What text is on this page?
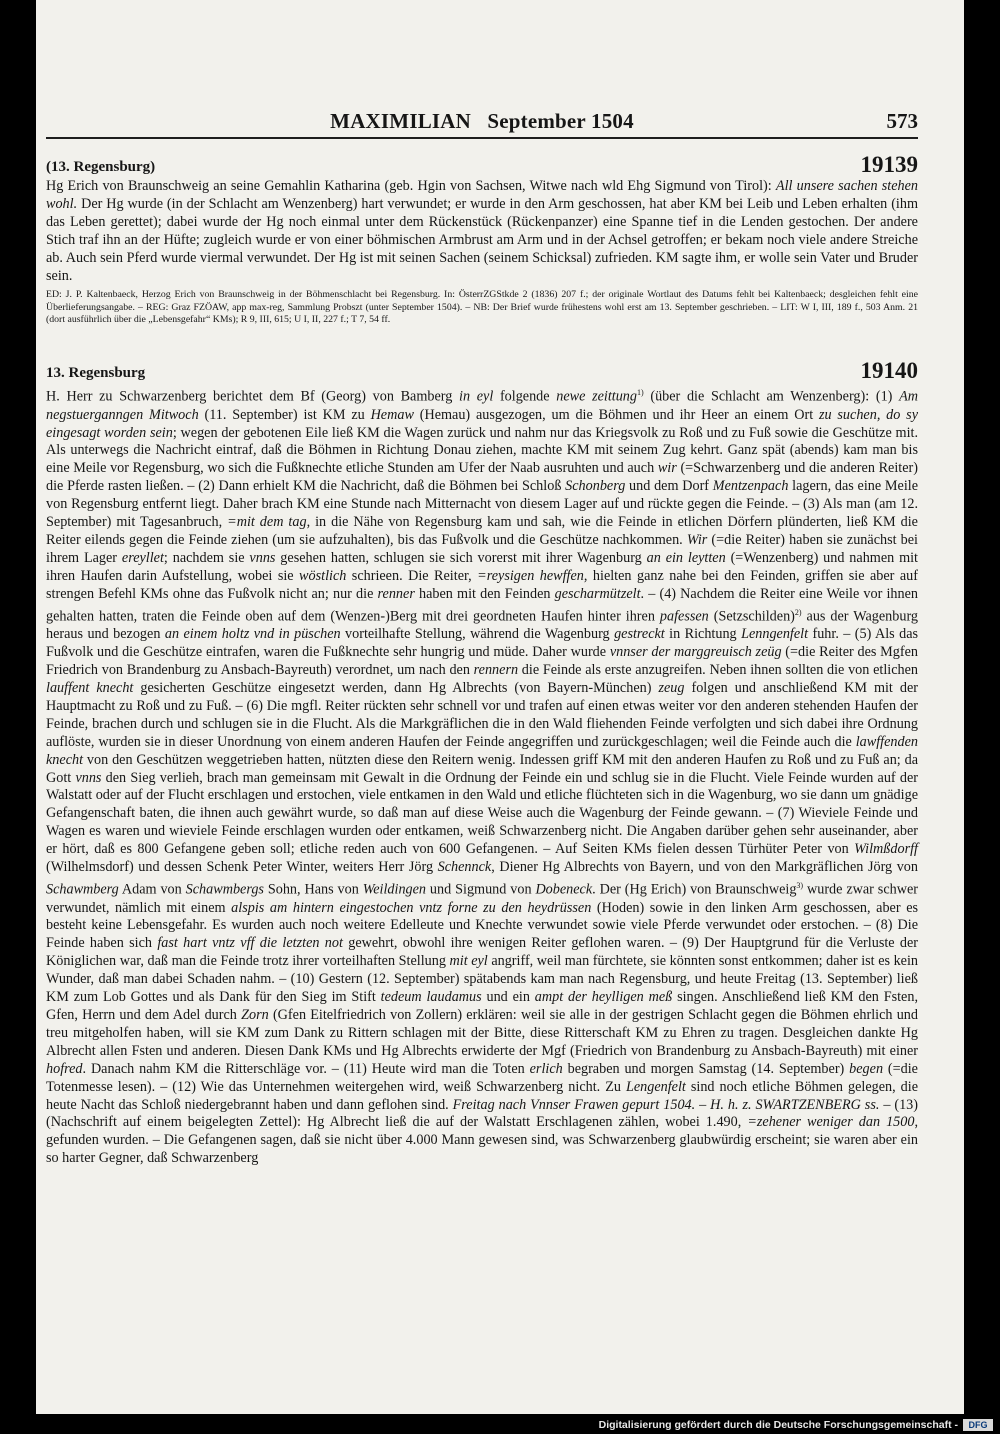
MAXIMILIAN   September 1504	573
(13. Regensburg)	19139

Hg Erich von Braunschweig an seine Gemahlin Katharina (geb. Hgin von Sachsen, Witwe nach wld Ehg Sigmund von Tirol): All unsere sachen stehen wohl. Der Hg wurde (in der Schlacht am Wenzenberg) hart verwundet; er wurde in den Arm geschossen, hat aber KM bei Leib und Leben erhalten (ihm das Leben gerettet); dabei wurde der Hg noch einmal unter dem Rückenstück (Rückenpanzer) eine Spanne tief in die Lenden gestochen. Der andere Stich traf ihn an der Hüfte; zugleich wurde er von einer böhmischen Armbrust am Arm und in der Achsel getroffen; er bekam noch viele andere Streiche ab. Auch sein Pferd wurde viermal verwundet. Der Hg ist mit seinen Sachen (seinem Schicksal) zufrieden. KM sagte ihm, er wolle sein Vater und Bruder sein.

ED: J. P. Kaltenbaeck, Herzog Erich von Braunschweig in der Böhmenschlacht bei Regensburg. In: ÖsterrZGStkde 2 (1836) 207 f.; der originale Wortlaut des Datums fehlt bei Kaltenbaeck; desgleichen fehlt eine Überlieferungsangabe. – REG: Graz FZÖAW, app max-reg, Sammlung Probszt (unter September 1504). – NB: Der Brief wurde frühestens wohl erst am 13. September geschrieben. – LIT: W I, III, 189 f., 503 Anm. 21 (dort ausführlich über die „Lebensgefahr“ KMs); R 9, III, 615; U I, II, 227 f.; T 7, 54 ff.

13. Regensburg	19140

H. Herr zu Schwarzenberg berichtet dem Bf (Georg) von Bamberg in eyl folgende newe zeittung$^{1)}$ (über die Schlacht am Wenzenberg): (1) Am negstuerganngen Mitwoch (11. September) ist KM zu Hemaw (Hemau) ausgezogen, um die Böhmen und ihr Heer an einem Ort zu suchen, do sy eingesagt worden sein; wegen der gebotenen Eile ließ KM die Wagen zurück und nahm nur das Kriegsvolk zu Roß und zu Fuß sowie die Geschütze mit. Als unterwegs die Nachricht eintraf, daß die Böhmen in Richtung Donau ziehen, machte KM mit seinem Zug kehrt. Ganz spät (abends) kam man bis eine Meile vor Regensburg, wo sich die Fußknechte etliche Stunden am Ufer der Naab ausruhten und auch wir (=Schwarzenberg und die anderen Reiter) die Pferde rasten ließen. – (2) Dann erhielt KM die Nachricht, daß die Böhmen bei Schloß Schonberg und dem Dorf Mentzenpach lagern, das eine Meile von Regensburg entfernt liegt. Daher brach KM eine Stunde nach Mitternacht von diesem Lager auf und rückte gegen die Feinde. – (3) Als man (am 12. September) mit Tagesanbruch, =mit dem tag, in die Nähe von Regensburg kam und sah, wie die Feinde in etlichen Dörfern plünderten, ließ KM die Reiter eilends gegen die Feinde ziehen (um sie aufzuhalten), bis das Fußvolk und die Geschütze nachkommen. Wir (=die Reiter) haben sie zunächst bei ihrem Lager ereyllet; nachdem sie vnns gesehen hatten, schlugen sie sich vorerst mit ihrer Wagenburg an ein leytten (=Wenzenberg) und nahmen mit ihren Haufen darin Aufstellung, wobei sie wöstlich schrieen. Die Reiter, =reysigen hewffen, hielten ganz nahe bei den Feinden, griffen sie aber auf strengen Befehl KMs ohne das Fußvolk nicht an; nur die renner haben mit den Feinden gescharmützelt. – (4) Nachdem die Reiter eine Weile vor ihnen gehalten hatten, traten die Feinde oben auf dem (Wenzen-)Berg mit drei geordneten Haufen hinter ihren pafessen (Setzschilden)$^{2)}$ aus der Wagenburg heraus und bezogen an einem holtz vnd in püschen vorteilhafte Stellung, während die Wagenburg gestreckt in Richtung Lenngenfelt fuhr. – (5) Als das Fußvolk und die Geschütze eintrafen, waren die Fußknechte sehr hungrig und müde. Daher wurde vnnser der marggreuisch zeüg (=die Reiter des Mgfen Friedrich von Brandenburg zu Ansbach-Bayreuth) verordnet, um nach den rennern die Feinde als erste anzugreifen. Neben ihnen sollten die von etlichen lauffent knecht gesicherten Geschütze eingesetzt werden, dann Hg Albrechts (von Bayern-München) zeug folgen und anschließend KM mit der Hauptmacht zu Roß und zu Fuß. – (6) Die mgfl. Reiter rückten sehr schnell vor und trafen auf einen etwas weiter vor den anderen stehenden Haufen der Feinde, brachen durch und schlugen sie in die Flucht. Als die Markgräflichen die in den Wald fliehenden Feinde verfolgten und sich dabei ihre Ordnung auflöste, wurden sie in dieser Unordnung von einem anderen Haufen der Feinde angegriffen und zurückgeschlagen; weil die Feinde auch die lawffenden knecht von den Geschützen weggetrieben hatten, nützten diese den Reitern wenig. Indessen griff KM mit den anderen Haufen zu Roß und zu Fuß an; da Gott vnns den Sieg verlieh, brach man gemeinsam mit Gewalt in die Ordnung der Feinde ein und schlug sie in die Flucht. Viele Feinde wurden auf der Walstatt oder auf der Flucht erschlagen und erstochen, viele entkamen in den Wald und etliche flüchteten sich in die Wagenburg, wo sie dann um gnädige Gefangenschaft baten, die ihnen auch gewährt wurde, so daß man auf diese Weise auch die Wagenburg der Feinde gewann. – (7) Wieviele Feinde und Wagen es waren und wieviele Feinde erschlagen wurden oder entkamen, weiß Schwarzenberg nicht. Die Angaben darüber gehen sehr auseinander, aber er hört, daß es 800 Gefangene geben soll; etliche reden auch von 600 Gefangenen. – Auf Seiten KMs fielen dessen Türhüter Peter von Wilmßdorff (Wilhelmsdorf) und dessen Schenk Peter Winter, weiters Herr Jörg Schennck, Diener Hg Albrechts von Bayern, und von den Markgräflichen Jörg von Schawmberg Adam von Schawmbergs Sohn, Hans von Weildingen und Sigmund von Dobeneck. Der (Hg Erich) von Braunschweig$^{3)}$ wurde zwar schwer verwundet, nämlich mit einem alspis am hintern eingestochen vntz forne zu den heydrüssen (Hoden) sowie in den linken Arm geschossen, aber es besteht keine Lebensgefahr. Es wurden auch noch weitere Edelleute und Knechte verwundet sowie viele Pferde verwundet oder erstochen. – (8) Die Feinde haben sich fast hart vntz vff die letzten not gewehrt, obwohl ihre wenigen Reiter geflohen waren. – (9) Der Hauptgrund für die Verluste der Königlichen war, daß man die Feinde trotz ihrer vorteilhaften Stellung mit eyl angriff, weil man fürchtete, sie könnten sonst entkommen; daher ist es kein Wunder, daß man dabei Schaden nahm. – (10) Gestern (12. September) spätabends kam man nach Regensburg, und heute Freitag (13. September) ließ KM zum Lob Gottes und als Dank für den Sieg im Stift tedeum laudamus und ein ampt der heylligen meß singen. Anschließend ließ KM den Fsten, Gfen, Herrn und dem Adel durch Zorn (Gfen Eitelfriedrich von Zollern) erklären: weil sie alle in der gestrigen Schlacht gegen die Böhmen ehrlich und treu mitgeholfen haben, will sie KM zum Dank zu Rittern schlagen mit der Bitte, diese Ritterschaft KM zu Ehren zu tragen. Desgleichen dankte Hg Albrecht allen Fsten und anderen. Diesen Dank KMs und Hg Albrechts erwiderte der Mgf (Friedrich von Brandenburg zu Ansbach-Bayreuth) mit einer hofred. Danach nahm KM die Ritterschläge vor. – (11) Heute wird man die Toten erlich begraben und morgen Samstag (14. September) begen (=die Totenmesse lesen). – (12) Wie das Unternehmen weitergehen wird, weiß Schwarzenberg nicht. Zu Lengenfelt sind noch etliche Böhmen gelegen, die heute Nacht das Schloß niedergebrannt haben und dann geflohen sind. Freitag nach Vnnser Frawen gepurt 1504. – H. h. z. SWARTZENBERG ss. – (13) (Nachschrift auf einem beigelegten Zettel): Hg Albrecht ließ die auf der Walstatt Erschlagenen zählen, wobei 1.490, =zehener weniger dan 1500, gefunden wurden. – Die Gefangenen sagen, daß sie nicht über 4.000 Mann gewesen sind, was Schwarzenberg glaubwürdig erscheint; sie waren aber ein so harter Gegner, daß Schwarzenberg

Digitalisierung gefördert durch die Deutsche Forschungsgemeinschaft -	DFG
